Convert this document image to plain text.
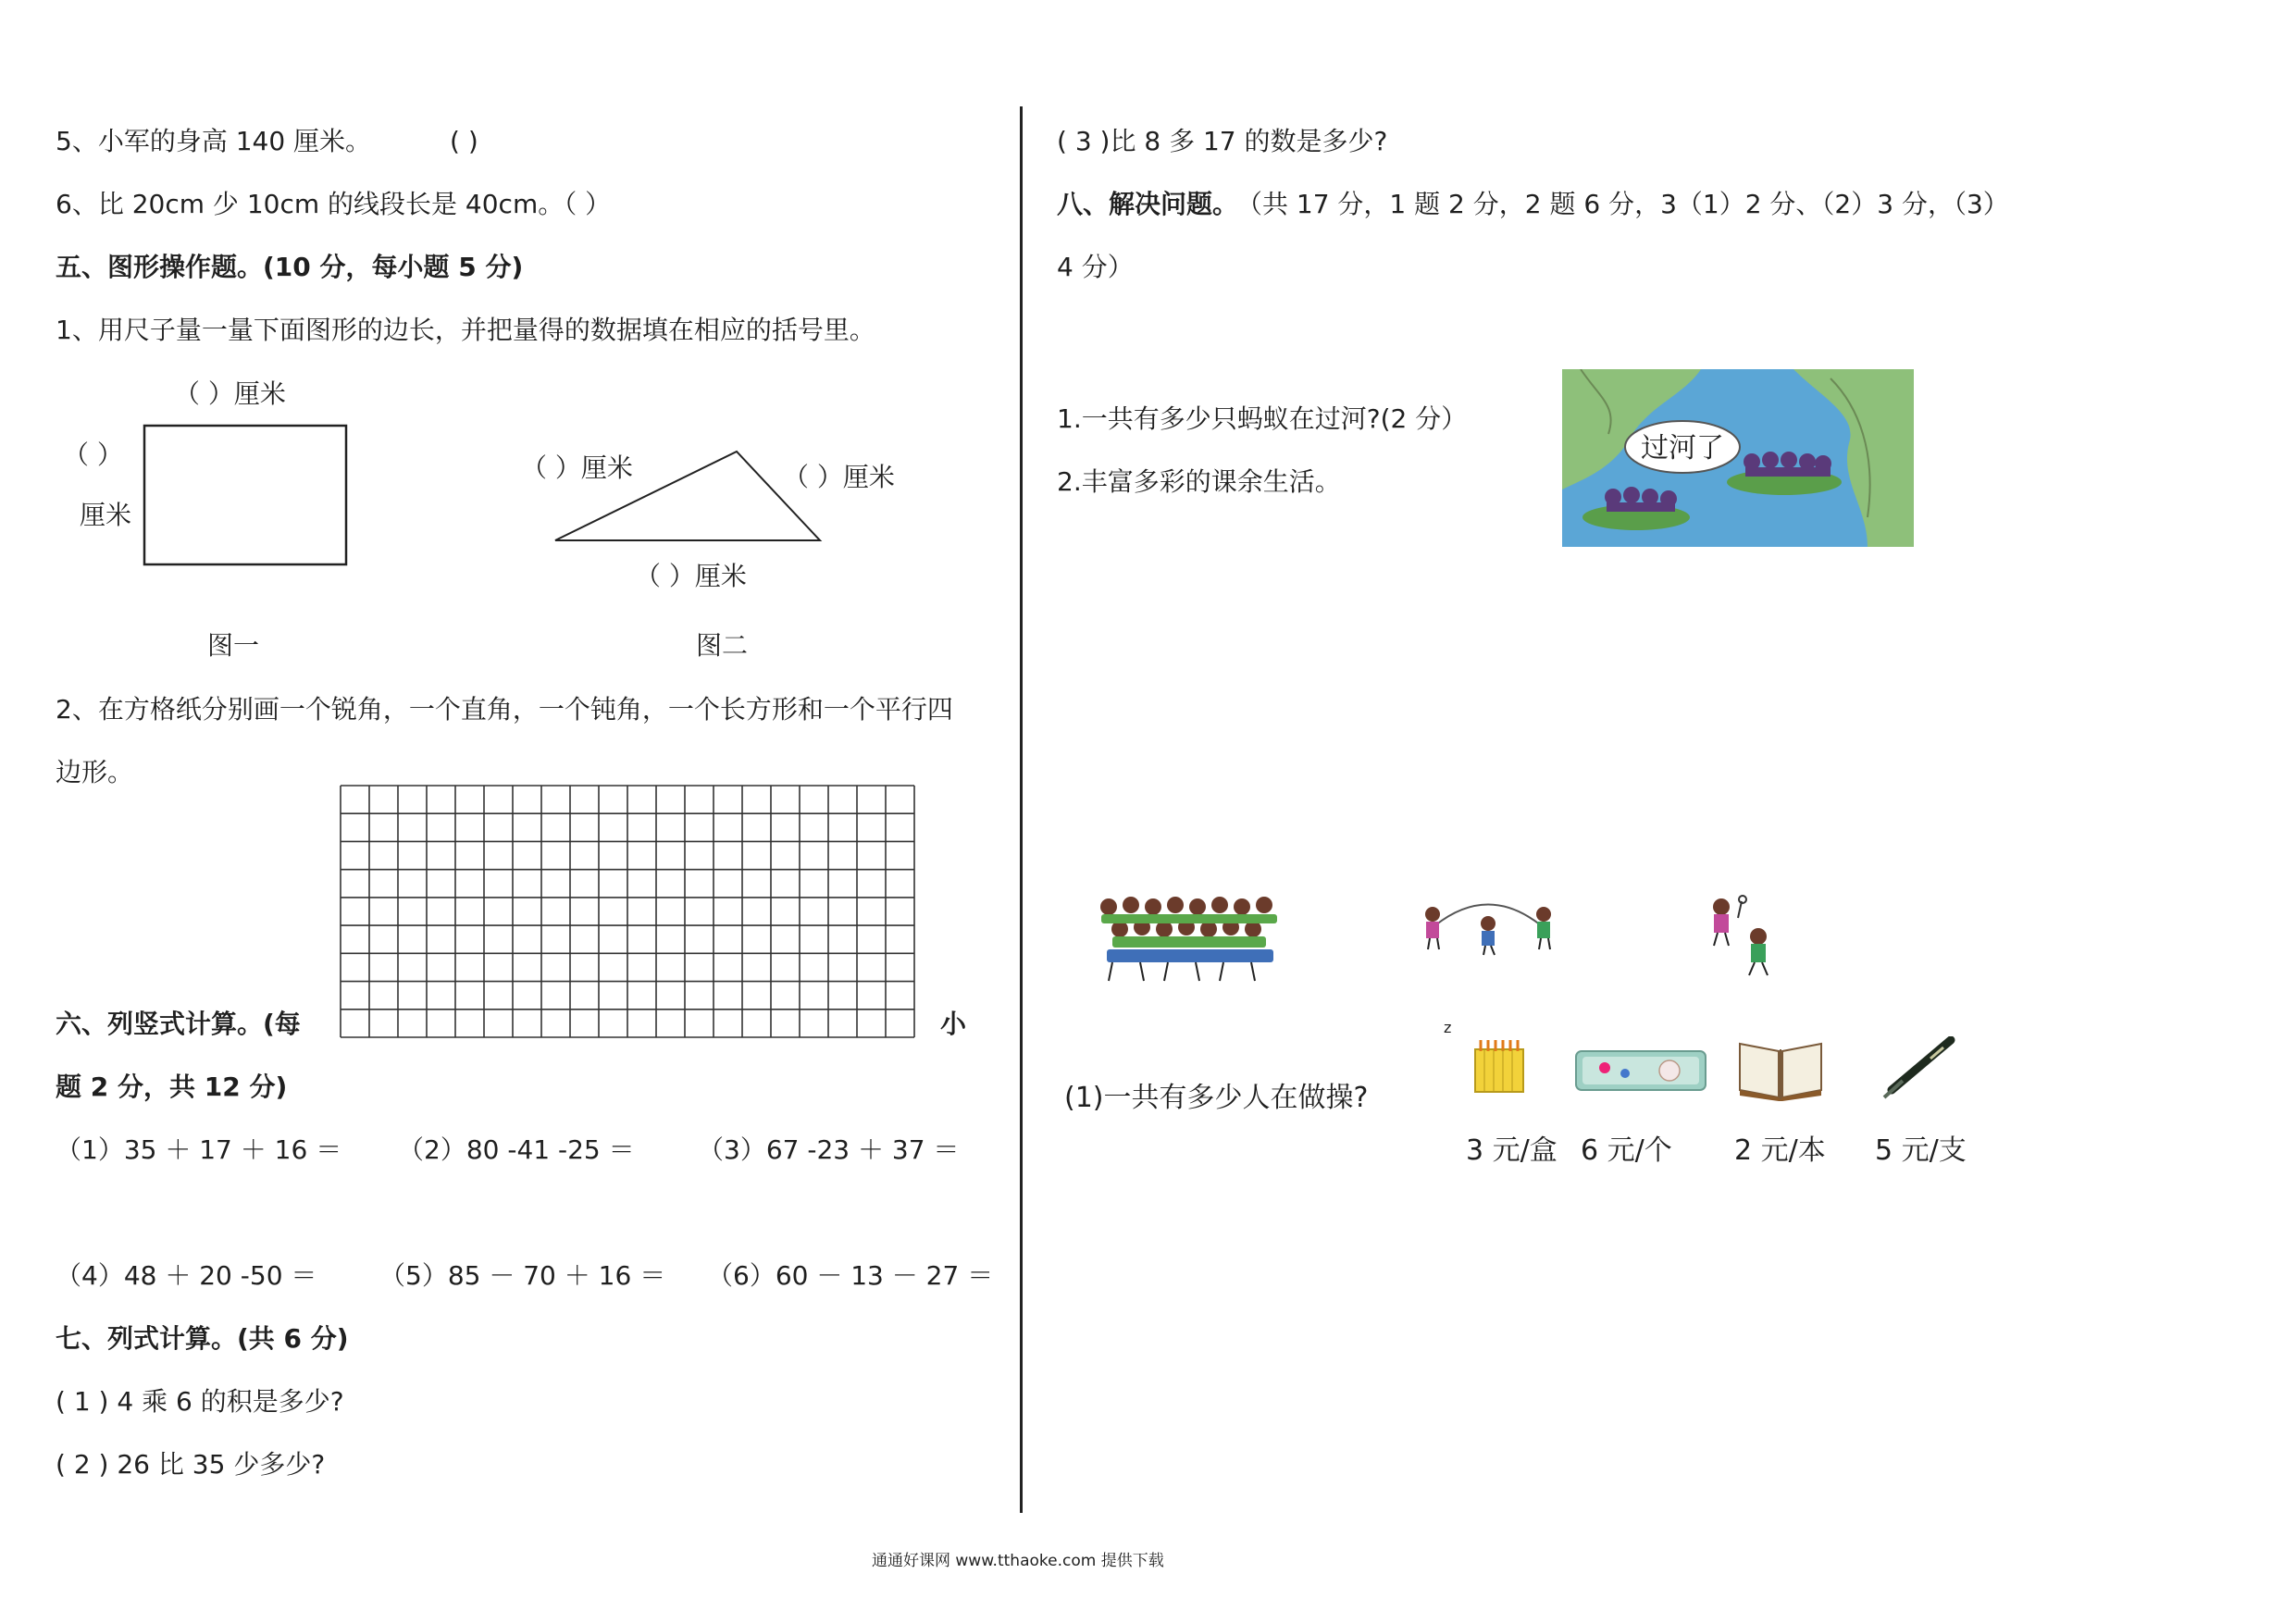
5、小军的身高 140 厘米。	( )
6、比 20cm 少 10cm 的线段长是 40cm。（ ）
五、图形操作题。(10 分，每小题 5 分)
1、用尺子量一量下面图形的边长，并把量得的数据填在相应的括号里。
（ ）厘米
（ ）
厘米
图一
（ ）厘米	（ ）厘米
（ ）厘米
图二
2、在方格纸分别画一个锐角，一个直角，一个钝角，一个长方形和一个平行四
边形。
六、列竖式计算。(每	小
题 2 分，共 12 分)
（1）35 ＋ 17 ＋ 16 ＝ （2）80 -41 -25 ＝ （3）67 -23 ＋ 37 ＝
（4）48 ＋ 20 -50 ＝ （5）85 － 70 ＋ 16 ＝ （6）60 － 13 － 27 ＝
七、列式计算。(共 6 分)
( 1 ) 4 乘 6 的积是多少?
( 2 ) 26 比 35 少多少?
( 3 )比 8 多 17 的数是多少?
八、解决问题。
（共 17 分，1 题 2 分，2 题 6 分，3（1）2 分、（2）3 分，（3）
4 分）
1.一共有多少只蚂蚁在过河?(2 分）
2.丰富多彩的课余生活。
过河了
z
(1)一共有多少人在做操?
3 元/盒 6 元/个 2 元/本 5 元/支
通通好课网 www.tthaoke.com 提供下载
